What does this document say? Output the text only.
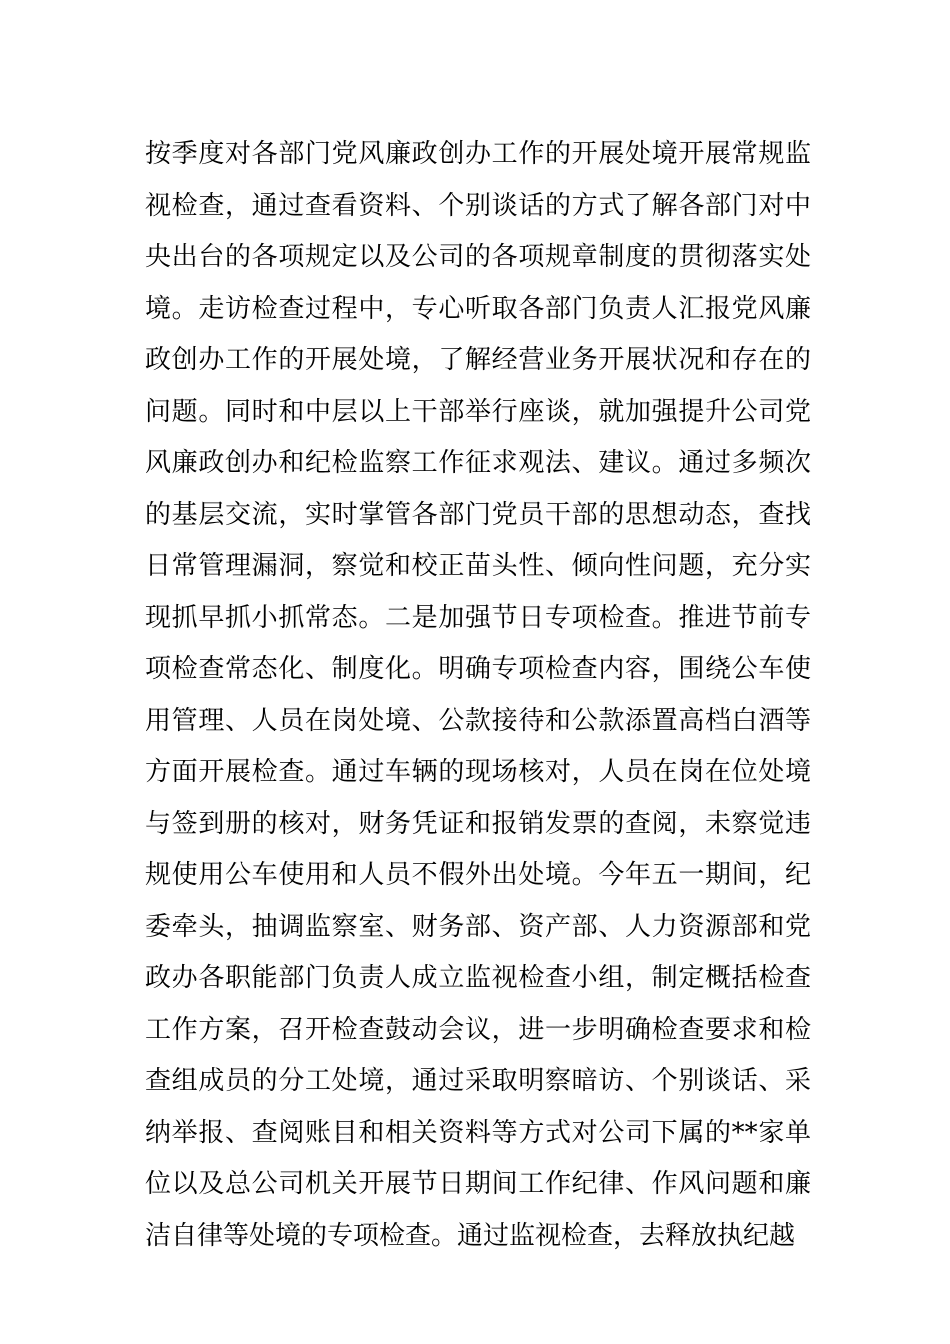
按季度对各部门党风廉政创办工作的开展处境开展常规监
视检查，通过查看资料、个别谈话的方式了解各部门对中
央出台的各项规定以及公司的各项规章制度的贯彻落实处
境。走访检查过程中，专心听取各部门负责人汇报党风廉
政创办工作的开展处境，了解经营业务开展状况和存在的
问题。同时和中层以上干部举行座谈，就加强提升公司党
风廉政创办和纪检监察工作征求观法、建议。通过多频次
的基层交流，实时掌管各部门党员干部的思想动态，查找
日常管理漏洞，察觉和校正苗头性、倾向性问题，充分实
现抓早抓小抓常态。二是加强节日专项检查。推进节前专
项检查常态化、制度化。明确专项检查内容，围绕公车使
用管理、人员在岗处境、公款接待和公款添置高档白酒等
方面开展检查。通过车辆的现场核对，人员在岗在位处境
与签到册的核对，财务凭证和报销发票的查阅，未察觉违
规使用公车使用和人员不假外出处境。今年五一期间，纪
委牵头，抽调监察室、财务部、资产部、人力资源部和党
政办各职能部门负责人成立监视检查小组，制定概括检查
工作方案，召开检查鼓动会议，进一步明确检查要求和检
查组成员的分工处境，通过采取明察暗访、个别谈话、采
纳举报、查阅账目和相关资料等方式对公司下属的**家单
位以及总公司机关开展节日期间工作纪律、作风问题和廉
洁自律等处境的专项检查。通过监视检查，去释放执纪越
